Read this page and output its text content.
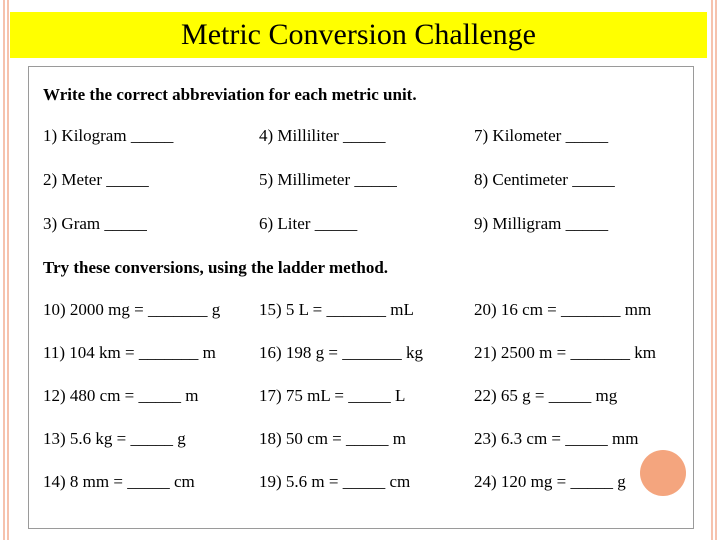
Metric Conversion Challenge
Write the correct abbreviation for each metric unit.
1) Kilogram _____	4) Milliliter _____	7) Kilometer _____
2) Meter _____	5) Millimeter _____	8) Centimeter _____
3) Gram _____	6) Liter _____	9) Milligram _____
Try these conversions, using the ladder method.
10) 2000 mg = _______ g 15) 5 L = _______ mL	20) 16 cm = _______ mm
11) 104 km = _______ m	16) 198 g = _______ kg	21) 2500 m = _______ km
12) 480 cm = _____ m	17) 75 mL = _____ L	22) 65 g = _____ mg
13) 5.6 kg = _____ g	18) 50 cm = _____ m	23) 6.3 cm = _____ mm
14) 8 mm = _____ cm	19) 5.6 m = _____ cm	24) 120 mg = _____ g
